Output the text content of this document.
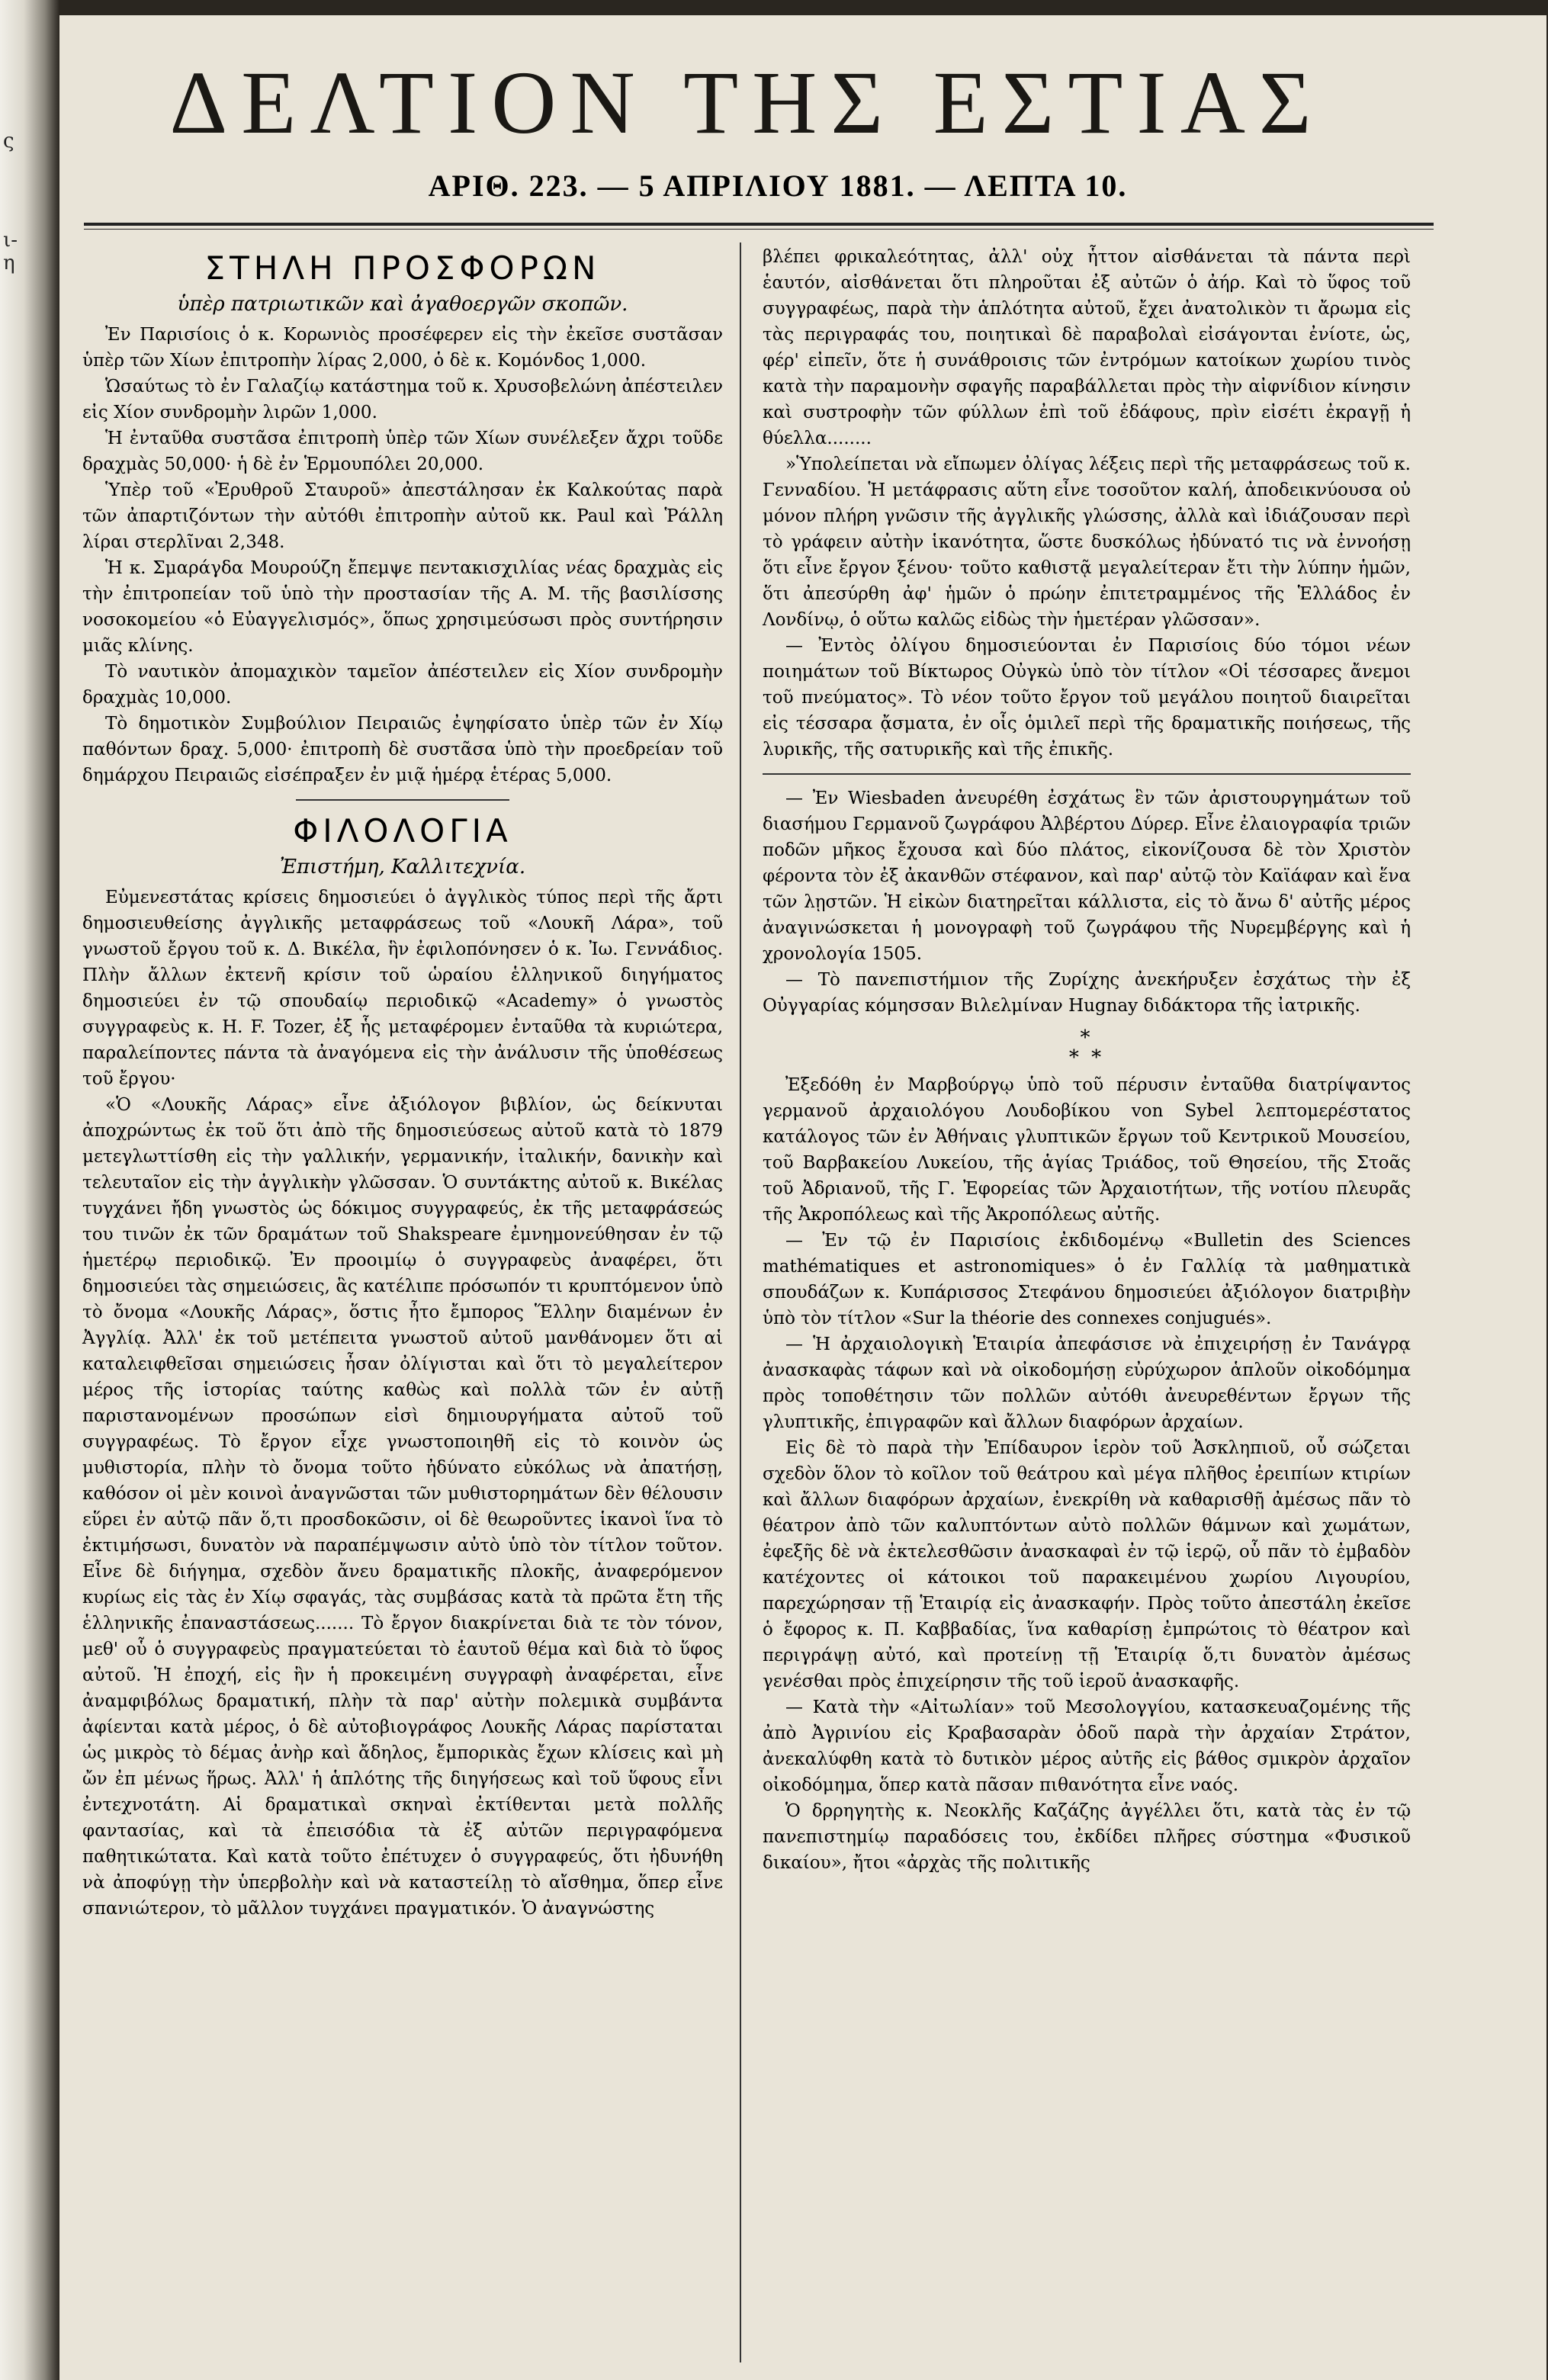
ς
ι-
η
ΔΕΛΤΙΟΝ ΤΗΣ ΕΣΤΙΑΣ
ΑΡΙΘ. 223. — 5 ΑΠΡΙΛΙΟΥ 1881. — ΛΕΠΤΑ 10.
ΣΤΗΛΗ ΠΡΟΣΦΟΡΩΝ
ὑπὲρ πατριωτικῶν καὶ ἀγαθοεργῶν σκοπῶν.

Ἐν Παρισίοις ὁ κ. Κορωνιὸς προσέφερεν εἰς τὴν ἐκεῖσε συστᾶσαν ὑπὲρ τῶν Χίων ἐπιτροπὴν λίρας 2,000, ὁ δὲ κ. Κομόνδος 1,000.

Ὡσαύτως τὸ ἐν Γαλαζίῳ κατάστημα τοῦ κ. Χρυσοβελώνη ἀπέστειλεν εἰς Χίον συνδρομὴν λιρῶν 1,000.

Ἡ ἐνταῦθα συστᾶσα ἐπιτροπὴ ὑπὲρ τῶν Χίων συνέλεξεν ἄχρι τοῦδε δραχμὰς 50,000· ἡ δὲ ἐν Ἑρμουπόλει 20,000.

Ὑπὲρ τοῦ «Ἐρυθροῦ Σταυροῦ» ἀπεστάλησαν ἐκ Καλκούτας παρὰ τῶν ἀπαρτιζόντων τὴν αὐτόθι ἐπιτροπὴν αὐτοῦ κκ. Paul καὶ Ῥάλλη λίραι στερλῖναι 2,348.

Ἡ κ. Σμαράγδα Μουρούζη ἔπεμψε πεντακισχιλίας νέας δραχμὰς εἰς τὴν ἐπιτροπείαν τοῦ ὑπὸ τὴν προστασίαν τῆς Α. Μ. τῆς βασιλίσσης νοσοκομείου «ὁ Εὐαγγελισμός», ὅπως χρησιμεύσωσι πρὸς συντήρησιν μιᾶς κλίνης.

Τὸ ναυτικὸν ἀπομαχικὸν ταμεῖον ἀπέστειλεν εἰς Χίον συνδρομὴν δραχμὰς 10,000.

Τὸ δημοτικὸν Συμβούλιον Πειραιῶς ἐψηφίσατο ὑπὲρ τῶν ἐν Χίῳ παθόντων δραχ. 5,000· ἐπιτροπὴ δὲ συστᾶσα ὑπὸ τὴν προεδρείαν τοῦ δημάρχου Πειραιῶς εἰσέπραξεν ἐν μιᾷ ἡμέρᾳ ἑτέρας 5,000.

ΦΙΛΟΛΟΓΙΑ
Ἐπιστήμη, Καλλιτεχνία.

Εὐμενεστάτας κρίσεις δημοσιεύει ὁ ἀγγλικὸς τύπος περὶ τῆς ἄρτι δημοσιευθείσης ἀγγλικῆς μεταφράσεως τοῦ «Λουκῆ Λάρα», τοῦ γνωστοῦ ἔργου τοῦ κ. Δ. Βικέλα, ἣν ἐφιλοπόνησεν ὁ κ. Ἰω. Γεννάδιος. Πλὴν ἄλλων ἐκτενῆ κρίσιν τοῦ ὡραίου ἑλληνικοῦ διηγήματος δημοσιεύει ἐν τῷ σπουδαίῳ περιοδικῷ «Academy» ὁ γνωστὸς συγγραφεὺς κ. H. F. Tozer, ἐξ ἧς μεταφέρομεν ἐνταῦθα τὰ κυριώτερα, παραλείποντες πάντα τὰ ἀναγόμενα εἰς τὴν ἀνάλυσιν τῆς ὑποθέσεως τοῦ ἔργου·

«Ὁ «Λουκῆς Λάρας» εἶνε ἀξιόλογον βιβλίον, ὡς δείκνυται ἀποχρώντως ἐκ τοῦ ὅτι ἀπὸ τῆς δημοσιεύσεως αὐτοῦ κατὰ τὸ 1879 μετεγλωττίσθη εἰς τὴν γαλλικήν, γερμανικήν, ἰταλικήν, δανικὴν καὶ τελευταῖον εἰς τὴν ἀγγλικὴν γλῶσσαν. Ὁ συντάκτης αὐτοῦ κ. Βικέλας τυγχάνει ἤδη γνωστὸς ὡς δόκιμος συγγραφεύς, ἐκ τῆς μεταφράσεώς του τινῶν ἐκ τῶν δραμάτων τοῦ Shakspeare ἐμνημονεύθησαν ἐν τῷ ἡμετέρῳ περιοδικῷ. Ἐν προοιμίῳ ὁ συγγραφεὺς ἀναφέρει, ὅτι δημοσιεύει τὰς σημειώσεις, ἃς κατέλιπε πρόσωπόν τι κρυπτόμενον ὑπὸ τὸ ὄνομα «Λουκῆς Λάρας», ὅστις ἦτο ἔμπορος Ἕλλην διαμένων ἐν Ἀγγλίᾳ. Ἀλλ' ἐκ τοῦ μετέπειτα γνωστοῦ αὐτοῦ μανθάνομεν ὅτι αἱ καταλειφθεῖσαι σημειώσεις ἦσαν ὀλίγισται καὶ ὅτι τὸ μεγαλείτερον μέρος τῆς ἱστορίας ταύτης καθὼς καὶ πολλὰ τῶν ἐν αὐτῇ παριστανομένων προσώπων εἰσὶ δημιουργήματα αὐτοῦ τοῦ συγγραφέως. Τὸ ἔργον εἶχε γνωστοποιηθῆ εἰς τὸ κοινὸν ὡς μυθιστορία, πλὴν τὸ ὄνομα τοῦτο ἠδύνατο εὐκόλως νὰ ἀπατήσῃ, καθόσον οἱ μὲν κοινοὶ ἀναγνῶσται τῶν μυθιστορημάτων δὲν θέλουσιν εὕρει ἐν αὐτῷ πᾶν ὅ,τι προσδοκῶσιν, οἱ δὲ θεωροῦντες ἱκανοὶ ἵνα τὸ ἐκτιμήσωσι, δυνατὸν νὰ παραπέμψωσιν αὐτὸ ὑπὸ τὸν τίτλον τοῦτον. Εἶνε δὲ διήγημα, σχεδὸν ἄνευ δραματικῆς πλοκῆς, ἀναφερόμενον κυρίως εἰς τὰς ἐν Χίῳ σφαγάς, τὰς συμβάσας κατὰ τὰ πρῶτα ἔτη τῆς ἑλληνικῆς ἐπαναστάσεως....... Τὸ ἔργον διακρίνεται διὰ τε τὸν τόνον, μεθ' οὗ ὁ συγγραφεὺς πραγματεύεται τὸ ἑαυτοῦ θέμα καὶ διὰ τὸ ὕφος αὐτοῦ. Ἡ ἐποχή, εἰς ἣν ἡ προκειμένη συγγραφὴ ἀναφέρεται, εἶνε ἀναμφιβόλως δραματική, πλὴν τὰ παρ' αὐτὴν πολεμικὰ συμβάντα ἀφίενται κατὰ μέρος, ὁ δὲ αὐτοβιογράφος Λουκῆς Λάρας παρίσταται ὡς μικρὸς τὸ δέμας ἀνὴρ καὶ ἄδηλος, ἔμπορικὰς ἔχων κλίσεις καὶ μὴ ὤν ἐπ μένως ἥρως. Ἀλλ' ἡ ἁπλότης τῆς διηγήσεως καὶ τοῦ ὕφους εἶνι ἐντεχνοτάτη. Αἱ δραματικαὶ σκηναὶ ἐκτίθενται μετὰ πολλῆς φαντασίας, καὶ τὰ ἐπεισόδια τὰ ἐξ αὐτῶν περιγραφόμενα παθητικώτατα. Καὶ κατὰ τοῦτο ἐπέτυχεν ὁ συγγραφεύς, ὅτι ἠδυνήθη νὰ ἀποφύγῃ τὴν ὑπερβολὴν καὶ νὰ καταστείλῃ τὸ αἴσθημα, ὅπερ εἶνε σπανιώτερον, τὸ μᾶλλον τυγχάνει πραγματικόν. Ὁ ἀναγνώστης

βλέπει φρικαλεότητας, ἀλλ' οὐχ ἧττον αἰσθάνεται τὰ πάντα περὶ ἑαυτόν, αἰσθάνεται ὅτι πληροῦται ἐξ αὐτῶν ὁ ἀήρ. Καὶ τὸ ὕφος τοῦ συγγραφέως, παρὰ τὴν ἁπλότητα αὐτοῦ, ἔχει ἀνατολικὸν τι ἄρωμα εἰς τὰς περιγραφάς του, ποιητικαὶ δὲ παραβολαὶ εἰσάγονται ἐνίοτε, ὡς, φέρ' εἰπεῖν, ὅτε ἡ συνάθροισις τῶν ἐντρόμων κατοίκων χωρίου τινὸς κατὰ τὴν παραμονὴν σφαγῆς παραβάλλεται πρὸς τὴν αἰφνίδιον κίνησιν καὶ συστροφὴν τῶν φύλλων ἐπὶ τοῦ ἐδάφους, πρὶν εἰσέτι ἐκραγῇ ἡ θύελλα........

»Ὑπολείπεται νὰ εἴπωμεν ὀλίγας λέξεις περὶ τῆς μεταφράσεως τοῦ κ. Γενναδίου. Ἡ μετάφρασις αὕτη εἶνε τοσοῦτον καλή, ἀποδεικνύουσα οὐ μόνον πλήρη γνῶσιν τῆς ἀγγλικῆς γλώσσης, ἀλλὰ καὶ ἰδιάζουσαν περὶ τὸ γράφειν αὐτὴν ἱκανότητα, ὥστε δυσκόλως ἠδύνατό τις νὰ ἐννοήσῃ ὅτι εἶνε ἔργον ξένου· τοῦτο καθιστᾷ μεγαλείτεραν ἔτι τὴν λύπην ἡμῶν, ὅτι ἀπεσύρθη ἀφ' ἡμῶν ὁ πρώην ἐπιτετραμμένος τῆς Ἑλλάδος ἐν Λονδίνῳ, ὁ οὕτω καλῶς εἰδὼς τὴν ἡμετέραν γλῶσσαν».

— Ἐντὸς ὀλίγου δημοσιεύονται ἐν Παρισίοις δύο τόμοι νέων ποιημάτων τοῦ Βίκτωρος Οὐγκὼ ὑπὸ τὸν τίτλον «Οἱ τέσσαρες ἄνεμοι τοῦ πνεύματος». Τὸ νέον τοῦτο ἔργον τοῦ μεγάλου ποιητοῦ διαιρεῖται εἰς τέσσαρα ᾄσματα, ἐν οἷς ὁμιλεῖ περὶ τῆς δραματικῆς ποιήσεως, τῆς λυρικῆς, τῆς σατυρικῆς καὶ τῆς ἐπικῆς.

— Ἐν Wiesbaden ἀνευρέθη ἐσχάτως ἓν τῶν ἀριστουργημάτων τοῦ διασήμου Γερμανοῦ ζωγράφου Ἀλβέρτου Δύρερ. Εἶνε ἐλαιογραφία τριῶν ποδῶν μῆκος ἔχουσα καὶ δύο πλάτος, εἰκονίζουσα δὲ τὸν Χριστὸν φέροντα τὸν ἐξ ἀκανθῶν στέφανον, καὶ παρ' αὐτῷ τὸν Καϊάφαν καὶ ἕνα τῶν λῃστῶν. Ἡ εἰκὼν διατηρεῖται κάλλιστα, εἰς τὸ ἄνω δ' αὐτῆς μέρος ἀναγινώσκεται ἡ μονογραφὴ τοῦ ζωγράφου τῆς Νυρεμβέργης καὶ ἡ χρονολογία 1505.

— Τὸ πανεπιστήμιον τῆς Ζυρίχης ἀνεκήρυξεν ἐσχάτως τὴν ἐξ Οὐγγαρίας κόμησσαν Βιλελμίναν Hugnay διδάκτορα τῆς ἰατρικῆς.

*
* *

Ἐξεδόθη ἐν Μαρβούργῳ ὑπὸ τοῦ πέρυσιν ἐνταῦθα διατρίψαντος γερμανοῦ ἀρχαιολόγου Λουδοβίκου von Sybel λεπτομερέστατος κατάλογος τῶν ἐν Ἀθήναις γλυπτικῶν ἔργων τοῦ Κεντρικοῦ Μουσείου, τοῦ Βαρβακείου Λυκείου, τῆς ἁγίας Τριάδος, τοῦ Θησείου, τῆς Στοᾶς τοῦ Ἀδριανοῦ, τῆς Γ. Ἐφορείας τῶν Ἀρχαιοτήτων, τῆς νοτίου πλευρᾶς τῆς Ἀκροπόλεως καὶ τῆς Ἀκροπόλεως αὐτῆς.

— Ἐν τῷ ἐν Παρισίοις ἐκδιδομένῳ «Bulletin des Sciences mathématiques et astronomiques» ὁ ἐν Γαλλίᾳ τὰ μαθηματικὰ σπουδάζων κ. Κυπάρισσος Στεφάνου δημοσιεύει ἀξιόλογον διατριβὴν ὑπὸ τὸν τίτλον «Sur la théorie des connexes conjugués».

— Ἡ ἀρχαιολογικὴ Ἑταιρία ἀπεφάσισε νὰ ἐπιχειρήσῃ ἐν Τανάγρᾳ ἀνασκαφὰς τάφων καὶ νὰ οἰκοδομήσῃ εὐρύχωρον ἁπλοῦν οἰκοδόμημα πρὸς τοποθέτησιν τῶν πολλῶν αὐτόθι ἀνευρεθέντων ἔργων τῆς γλυπτικῆς, ἐπιγραφῶν καὶ ἄλλων διαφόρων ἀρχαίων.

Εἰς δὲ τὸ παρὰ τὴν Ἐπίδαυρον ἱερὸν τοῦ Ἀσκληπιοῦ, οὗ σώζεται σχεδὸν ὅλον τὸ κοῖλον τοῦ θεάτρου καὶ μέγα πλῆθος ἐρειπίων κτιρίων καὶ ἄλλων διαφόρων ἀρχαίων, ἐνεκρίθη νὰ καθαρισθῇ ἀμέσως πᾶν τὸ θέατρον ἀπὸ τῶν καλυπτόντων αὐτὸ πολλῶν θάμνων καὶ χωμάτων, ἐφεξῆς δὲ νὰ ἐκτελεσθῶσιν ἀνασκαφαὶ ἐν τῷ ἱερῷ, οὗ πᾶν τὸ ἐμβαδὸν κατέχοντες οἱ κάτοικοι τοῦ παρακειμένου χωρίου Λιγουρίου, παρεχώρησαν τῇ Ἑταιρίᾳ εἰς ἀνασκαφήν. Πρὸς τοῦτο ἀπεστάλη ἐκεῖσε ὁ ἔφορος κ. Π. Καββαδίας, ἵνα καθαρίσῃ ἐμπρώτοις τὸ θέατρον καὶ περιγράψῃ αὐτό, καὶ προτείνῃ τῇ Ἑταιρίᾳ ὅ,τι δυνατὸν ἀμέσως γενέσθαι πρὸς ἐπιχείρησιν τῆς τοῦ ἱεροῦ ἀνασκαφῆς.

— Κατὰ τὴν «Αἰτωλίαν» τοῦ Μεσολογγίου, κατασκευαζομένης τῆς ἀπὸ Ἀγρινίου εἰς Κραβασαρὰν ὁδοῦ παρὰ τὴν ἀρχαίαν Στράτον, ἀνεκαλύφθη κατὰ τὸ δυτικὸν μέρος αὐτῆς εἰς βάθος σμικρὸν ἀρχαῖον οἰκοδόμημα, ὅπερ κατὰ πᾶσαν πιθανότητα εἶνε ναός.

Ὁ δρρηγητὴς κ. Νεοκλῆς Καζάζης ἀγγέλλει ὅτι, κατὰ τὰς ἐν τῷ πανεπιστημίῳ παραδόσεις του, ἐκδίδει πλῆρες σύστημα «Φυσικοῦ δικαίου», ἤτοι «ἀρχὰς τῆς πολιτικῆς
